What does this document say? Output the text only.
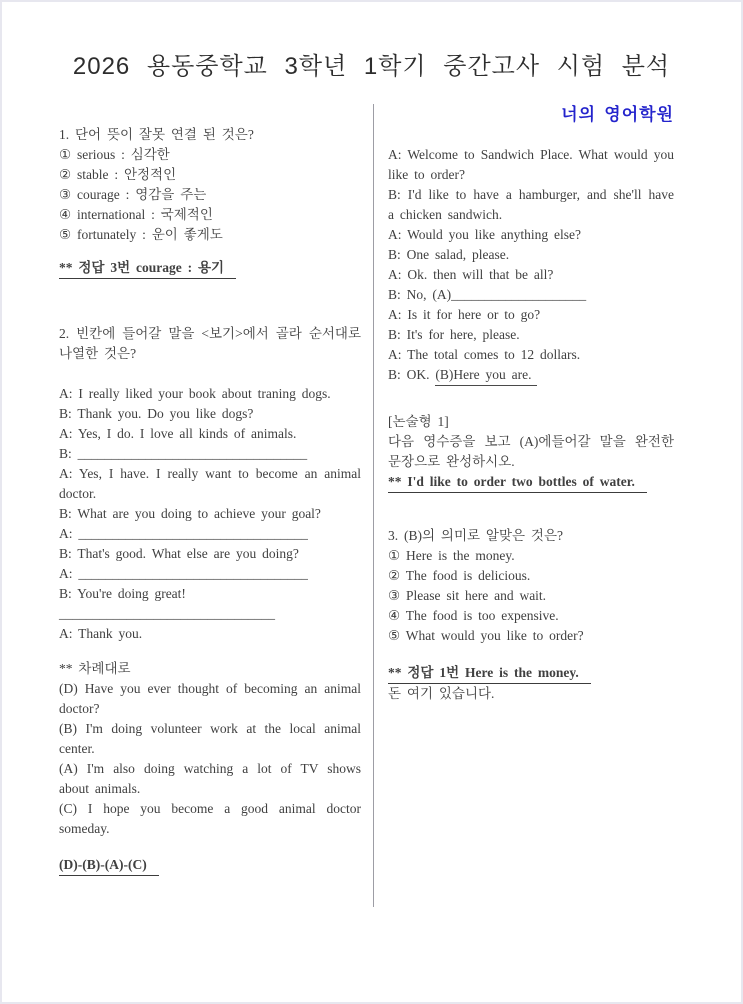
2026 용동중학교 3학년 1학기 중간고사 시험 분석
1. 단어 뜻이 잘못 연결 된 것은?
① serious : 심각한
② stable : 안정적인
③ courage : 영감을 주는
④ international : 국제적인
⑤ fortunately : 운이 좋게도
** 정답 3번 courage : 용기
2. 빈칸에 들어갈 말을 <보기>에서 골라 순서대로 나열한 것은?
A: I really liked your book about traning dogs.
B: Thank you. Do you like dogs?
A: Yes, I do. I love all kinds of animals.
B: __________________________________
A: Yes, I have. I really want to become an animal doctor.
B: What are you doing to achieve your goal?
A: __________________________________
B: That's good. What else are you doing?
A: __________________________________
B: You're doing great!
________________________________
A: Thank you.
** 차례대로
(D) Have you ever thought of becoming an animal doctor?
(B) I'm doing volunteer work at the local animal center.
(A) I'm also doing watching a lot of TV shows about animals.
(C) I hope you become a good animal doctor someday.
(D)-(B)-(A)-(C)
너의 영어학원
A: Welcome to Sandwich Place. What would you like to order?
B: I'd like to have a hamburger, and she'll have a chicken sandwich.
A: Would you like anything else?
B: One salad, please.
A: Ok. then will that be all?
B: No, (A)____________________
A: Is it for here or to go?
B: It's for here, please.
A: The total comes to 12 dollars.
B: OK. (B)Here you are.
[논술형 1]
다음 영수증을 보고 (A)에들어갈 말을 완전한 문장으로 완성하시오.
** I'd like to order two bottles of water.
3. (B)의 의미로 알맞은 것은?
① Here is the money.
② The food is delicious.
③ Please sit here and wait.
④ The food is too expensive.
⑤ What would you like to order?
** 정답 1번 Here is the money.
돈 여기 있습니다.
